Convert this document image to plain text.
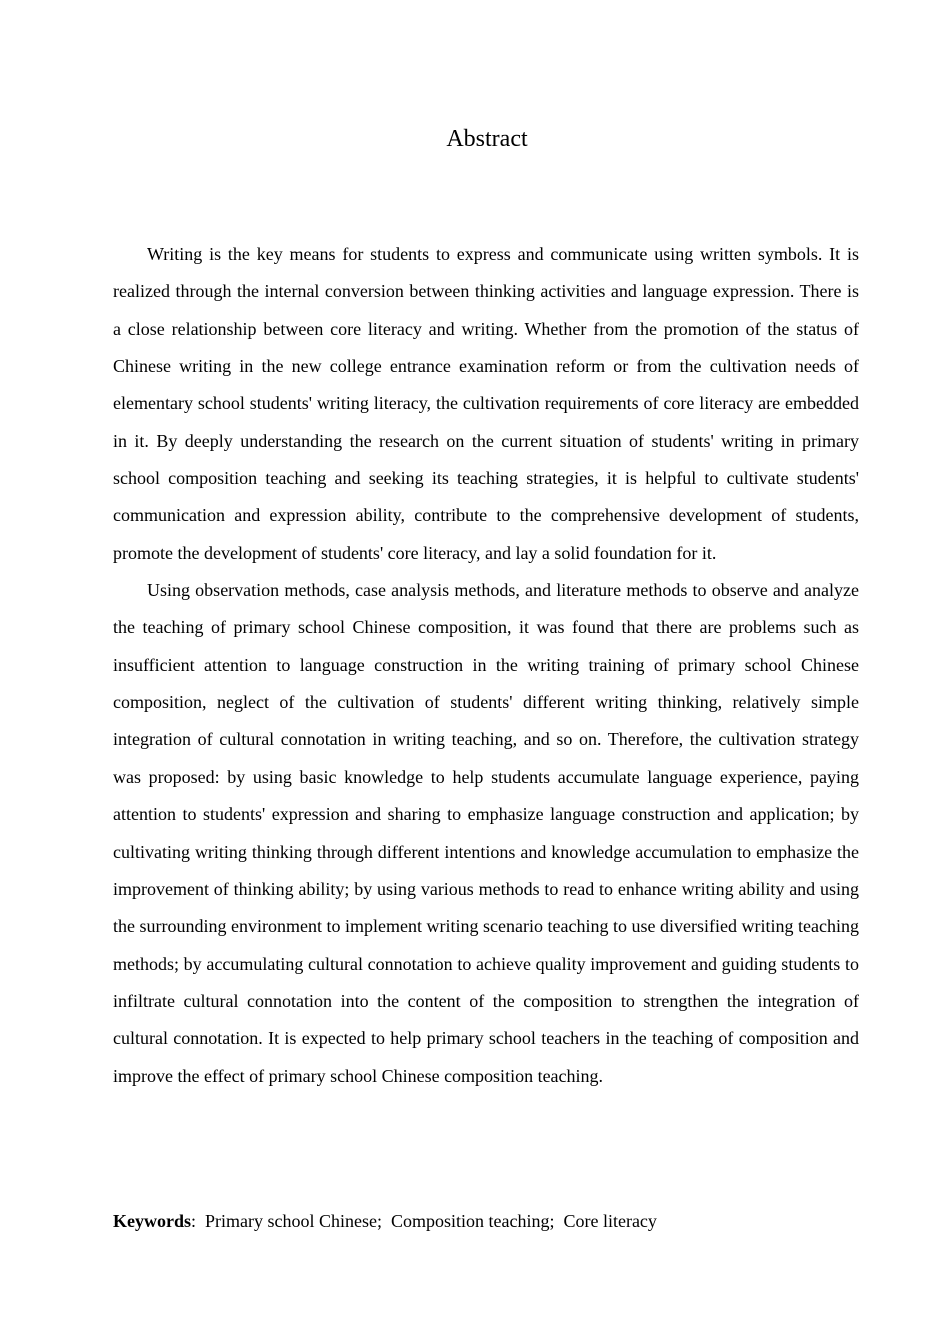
Abstract

Writing is the key means for students to express and communicate using written symbols. It is realized through the internal conversion between thinking activities and language expression. There is a close relationship between core literacy and writing. Whether from the promotion of the status of Chinese writing in the new college entrance examination reform or from the cultivation needs of elementary school students' writing literacy, the cultivation requirements of core literacy are embedded in it. By deeply understanding the research on the current situation of students' writing in primary school composition teaching and seeking its teaching strategies, it is helpful to cultivate students' communication and expression ability, contribute to the comprehensive development of students, promote the development of students' core literacy, and lay a solid foundation for it.

Using observation methods, case analysis methods, and literature methods to observe and analyze the teaching of primary school Chinese composition, it was found that there are problems such as insufficient attention to language construction in the writing training of primary school Chinese composition, neglect of the cultivation of students' different writing thinking, relatively simple integration of cultural connotation in writing teaching, and so on. Therefore, the cultivation strategy was proposed: by using basic knowledge to help students accumulate language experience, paying attention to students' expression and sharing to emphasize language construction and application; by cultivating writing thinking through different intentions and knowledge accumulation to emphasize the improvement of thinking ability; by using various methods to read to enhance writing ability and using the surrounding environment to implement writing scenario teaching to use diversified writing teaching methods; by accumulating cultural connotation to achieve quality improvement and guiding students to infiltrate cultural connotation into the content of the composition to strengthen the integration of cultural connotation. It is expected to help primary school teachers in the teaching of composition and improve the effect of primary school Chinese composition teaching.

Keywords:  Primary school Chinese;  Composition teaching;  Core literacy
